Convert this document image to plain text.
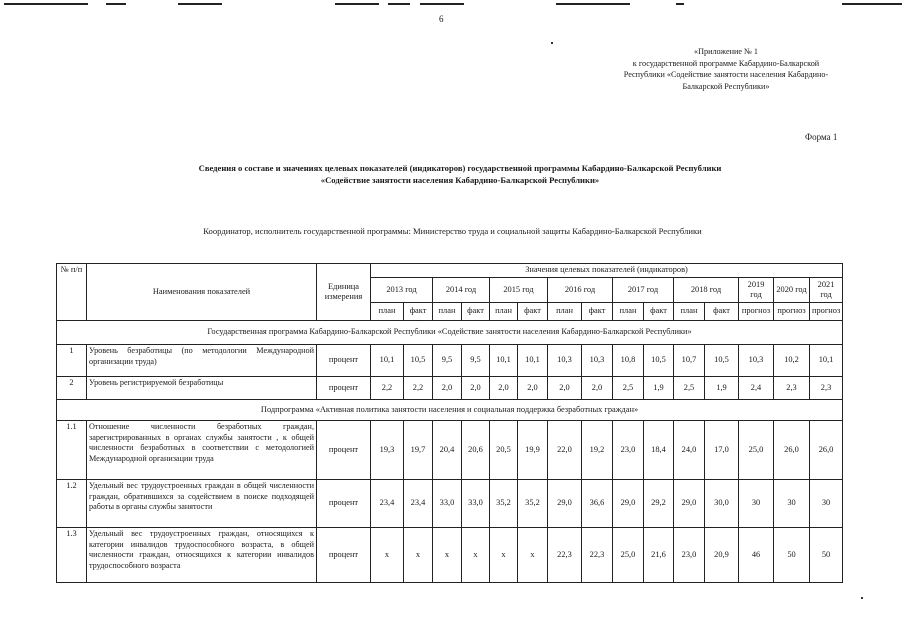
6
«Приложение № 1
к государственной программе Кабардино-Балкарской
Республики «Содействие занятости населения Кабардино-
Балкарской Республики»
Форма 1
Сведения о составе и значениях целевых показателей (индикаторов) государственной программы Кабардино-Балкарской Республики
«Содействие занятости населения Кабардино-Балкарской Республики»
Координатор, исполнитель государственной программы: Министерство труда и социальной защиты Кабардино-Балкарской Республики
№ п/п	Наименования показателей	Единица измерения	Значения целевых показателей (индикаторов)														
			2013 год		2014 год		2015 год		2016 год		2017 год		2018 год		2019 год	2020 год	2021 год
			план	факт	план	факт	план	факт	план	факт	план	факт	план	факт	прогноз	прогноз	прогноз
Государственная программа Кабардино-Балкарской Республики «Содействие занятости населения Кабардино-Балкарской Республики»																	
1	Уровень безработицы (по методологии Международной организации труда)	процент	10,1	10,5	9,5	9,5	10,1	10,1	10,3	10,3	10,8	10,5	10,7	10,5	10,3	10,2	10,1
2	Уровень регистрируемой безработицы	процент	2,2	2,2	2,0	2,0	2,0	2,0	2,0	2,0	2,5	1,9	2,5	1,9	2,4	2,3	2,3
Подпрограмма «Активная политика занятости населения и социальная поддержка безработных граждан»																	
1.1	Отношение численности безработных граждан, зарегистрированных в органах службы занятости , к общей численности безработных в соответствии с методологией Международной организации труда	процент	19,3	19,7	20,4	20,6	20,5	19,9	22,0	19,2	23,0	18,4	24,0	17,0	25,0	26,0	26,0
1.2	Удельный вес трудоустроенных граждан в общей численности граждан, обратившихся за содействием в поиске подходящей работы в органы службы занятости	процент	23,4	23,4	33,0	33,0	35,2	35,2	29,0	36,6	29,0	29,2	29,0	30,0	30	30	30
1.3	Удельный вес трудоустроенных граждан, относящихся к категории инвалидов трудоспособного возраста, в общей численности граждан, относящихся к категории инвалидов трудоспособного возраста	процент	х	х	х	х	х	х	22,3	22,3	25,0	21,6	23,0	20,9	46	50	50
